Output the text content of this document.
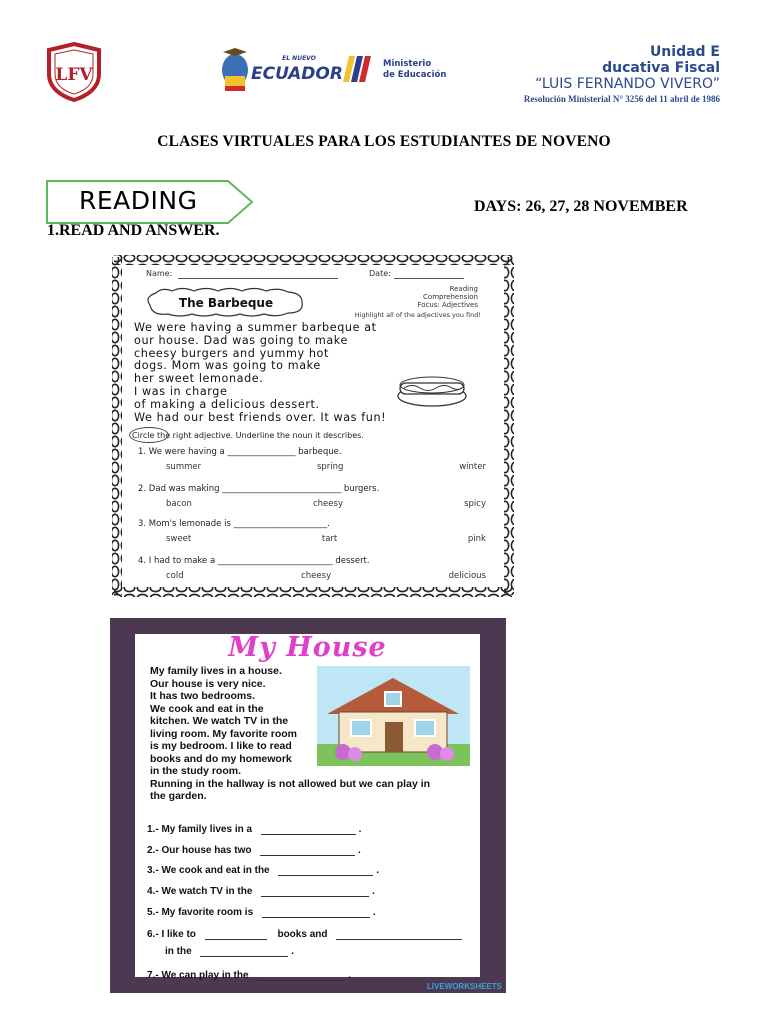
LFV
EL NUEVO
ECUADOR	Ministerio
de Educación
Unidad E
ducativa Fiscal
“LUIS FERNANDO VIVERO”
Resolución Ministerial N° 3256 del 11 abril de 1986
CLASES VIRTUALES PARA LOS ESTUDIANTES DE NOVENO
READING	DAYS: 26, 27, 28 NOVEMBER
1.READ AND ANSWER.
Name:	Date:
The Barbeque
Reading
Comprehension
Focus: Adjectives
Highlight all of the adjectives you find!
We were having a summer barbeque at
our house. Dad was going to make
cheesy burgers and yummy hot
dogs. Mom was going to make
her sweet lemonade.
I was in charge
of making a delicious dessert.
We had our best friends over. It was fun!
Circle the right adjective. Underline the noun it describes.
1. We were having a ________________ barbeque.
summer	spring	winter
2. Dad was making ____________________________ burgers.
bacon	cheesy	spicy
3. Mom's lemonade is ______________________.
sweet	tart	pink
4. I had to make a ___________________________ dessert.
cold	cheesy	delicious
My House
My family lives in a house.
Our house is very nice.
It has two bedrooms.
We cook and eat in the
kitchen. We watch TV in the
living room. My favorite room
is my bedroom. I like to read
books and do my homework
in the study room.
Running in the hallway is not allowed but we can play in
the garden.
1.- My family lives in a	.
2.- Our house has two	.
3.- We cook and eat in the	.
4.- We watch TV in the	.
5.- My favorite room is	.
6.- I like to	books and
in the	.
7.- We can play in the	.
LIVEWORKSHEETS
